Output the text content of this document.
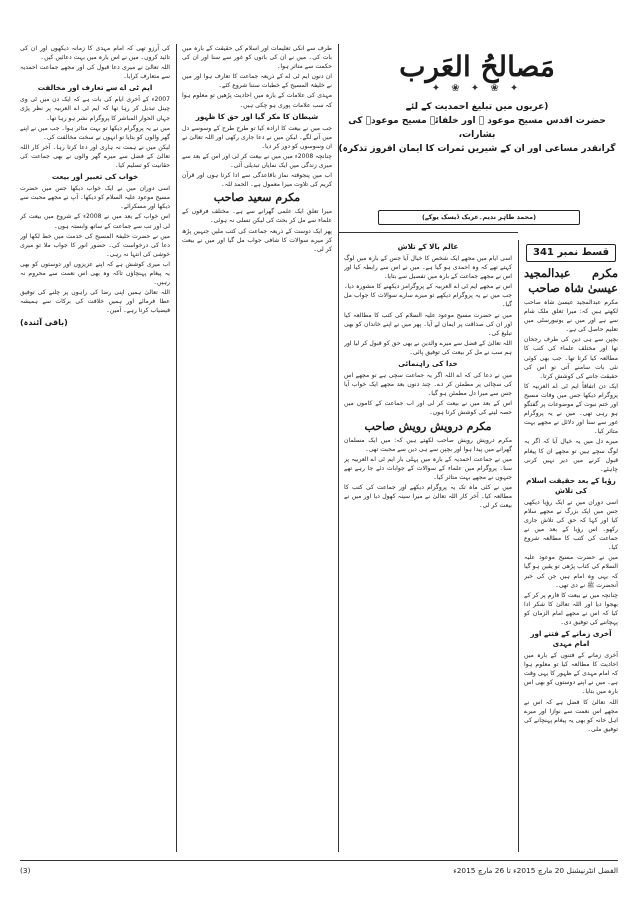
مَصالحُ العَرب
✦ ❀ ✦ ❀ ✦
(عربوں میں تبلیغ احمدیت کے لئے
حضرت اقدس مسیح موعود ؑ اور خلفائے مسیح موعودؑ کی بشارات،
گرانقدر مساعی اور ان کے شیریں ثمرات کا ایمان افروز تذکرہ)
(محمد طاہر ندیم۔عربک ڈیسک یوکے)
قسط نمبر 341
مکرم عبدالمجید عیسیٰ شاہ صاحب

مکرم عبدالمجید عیسیٰ شاہ صاحب لکھتے ہیں کہ: میرا تعلق ملک شام سے ہے اور میں نے یونیورسٹی میں تعلیم حاصل کی ہے۔

بچپن سے ہی دین کی طرف رجحان تھا اور مختلف علماء کی کتب کا مطالعہ کیا کرتا تھا۔ جب بھی کوئی نئی بات سامنے آتی تو اس کی حقیقت جاننے کی کوشش کرتا۔

ایک دن اتفاقاً ایم ٹی اے العربیہ کا پروگرام دیکھا جس میں وفات مسیح اور ختم نبوت کے موضوعات پر گفتگو ہو رہی تھی۔ میں نے یہ پروگرام غور سے سنا اور دلائل نے مجھے بہت متاثر کیا۔

میرے دل میں یہ خیال آیا کہ اگر یہ لوگ سچے ہیں تو مجھے ان کا پیغام قبول کرنے میں دیر نہیں کرنی چاہئے۔

رؤیا کے بعد حقیقت اسلام کی تلاش

اسی دوران میں نے ایک رؤیا دیکھی جس میں ایک بزرگ نے مجھے سلام کیا اور کہا کہ حق کی تلاش جاری رکھو۔ اس رؤیا کے بعد میں نے جماعت کی کتب کا مطالعہ شروع کیا۔

میں نے حضرت مسیح موعود علیہ السلام کی کتاب پڑھی تو یقین ہو گیا کہ یہی وہ امام ہیں جن کی خبر آنحضرت ﷺ نے دی تھی۔

چنانچہ میں نے بیعت کا فارم پر کر کے بھجوا دیا اور اللہ تعالیٰ کا شکر ادا کیا کہ اس نے مجھے امام الزمان کو پہچاننے کی توفیق دی۔

آخری زمانے کے فتنے اور امام مہدی

آخری زمانے کے فتنوں کے بارہ میں احادیث کا مطالعہ کیا تو معلوم ہوا کہ امام مہدی کے ظہور کا یہی وقت ہے۔ میں نے اپنے دوستوں کو بھی اس بارہ میں بتایا۔

اللہ تعالیٰ کا فضل ہے کہ اس نے مجھے اس نعمت سے نوازا اور میرے اہل خانہ کو بھی یہ پیغام پہنچانے کی توفیق ملی۔

عالم بالا کے تلاش

اسی ایام میں مجھے ایک شخص کا خیال آیا جس کے بارہ میں لوگ کہتے تھے کہ وہ احمدی ہو گیا ہے۔ میں نے اس سے رابطہ کیا اور اس نے مجھے جماعت کے بارہ میں تفصیل سے بتایا۔

اس نے مجھے ایم ٹی اے العربیہ کے پروگرامز دیکھنے کا مشورہ دیا۔ جب میں نے یہ پروگرام دیکھے تو میرے سارے سوالات کا جواب مل گیا۔

میں نے حضرت مسیح موعود علیہ السلام کی کتب کا مطالعہ کیا اور ان کی صداقت پر ایمان لے آیا۔ پھر میں نے اپنے خاندان کو بھی تبلیغ کی۔

اللہ تعالیٰ کے فضل سے میرے والدین نے بھی حق کو قبول کر لیا اور ہم سب نے مل کر بیعت کی توفیق پائی۔

خدا کی راہنمائی

میں نے دعا کی کہ اے اللہ اگر یہ جماعت سچی ہے تو مجھے اس کی سچائی پر مطمئن کر دے۔ چند دنوں بعد مجھے ایک خواب آیا جس سے میرا دل مطمئن ہو گیا۔

اس کے بعد میں نے بیعت کر لی اور اب جماعت کے کاموں میں حصہ لینے کی کوشش کرتا ہوں۔

مکرم درویش رویش صاحب

مکرم درویش رویش صاحب لکھتے ہیں کہ: میں ایک مسلمان گھرانے میں پیدا ہوا اور بچپن سے ہی دین سے محبت تھی۔

میں نے جماعت احمدیہ کے بارہ میں پہلی بار ایم ٹی اے العربیہ پر سنا۔ پروگرام میں علماء کے سوالات کے جوابات دئے جا رہے تھے جنہوں نے مجھے بہت متاثر کیا۔

میں نے کئی ماہ تک یہ پروگرام دیکھے اور جماعت کی کتب کا مطالعہ کیا۔ آخر کار اللہ تعالیٰ نے میرا سینہ کھول دیا اور میں نے بیعت کر لی۔

طرف سے انکی تعلیمات اور اسلام کی حقیقت کے بارہ میں بات کی۔ میں نے ان کی باتوں کو غور سے سنا اور ان کی حکمت سے متاثر ہوا۔

ان دنوں ایم ٹی اے کے ذریعہ جماعت کا تعارف ہوا اور میں نے خلیفۃ المسیح کے خطبات سننا شروع کئے۔

مہدی کی علامات کے بارہ میں احادیث پڑھیں تو معلوم ہوا کہ سب علامات پوری ہو چکی ہیں۔

شیطان کا مکر گیا اور حق کا ظہور

جب میں نے بیعت کا ارادہ کیا تو طرح طرح کے وسوسے دل میں آنے لگے۔ لیکن میں نے دعا جاری رکھی اور اللہ تعالیٰ نے ان وسوسوں کو دور کر دیا۔

چنانچہ 2008ء میں میں نے بیعت کر لی اور اس کے بعد سے میری زندگی میں ایک نمایاں تبدیلی آئی۔

اب میں پنجوقتہ نماز باقاعدگی سے ادا کرتا ہوں اور قرآن کریم کی تلاوت میرا معمول ہے۔ الحمد للہ۔

مکرم سعید صاحب

میرا تعلق ایک علمی گھرانے سے ہے۔ مختلف فرقوں کے علماء سے مل کر بحث کی لیکن تسلی نہ ہوئی۔

پھر ایک دوست کے ذریعہ جماعت کی کتب ملیں جنہیں پڑھ کر میرے سوالات کا شافی جواب مل گیا اور میں نے بیعت کر لی۔

کی آرزو تھی کہ امام مہدی کا زمانہ دیکھوں اور ان کی تائید کروں۔ میں نے اس بارہ میں بہت دعائیں کیں۔

اللہ تعالیٰ نے میری دعا قبول کی اور مجھے جماعت احمدیہ سے متعارف کرایا۔

ایم ٹی اے سے تعارف اور مخالفت

2007ء کے آخری ایام کی بات ہے کہ ایک دن میں ٹی وی چینل تبدیل کر رہا تھا کہ ایم ٹی اے العربیہ پر نظر پڑی جہاں الحوار المباشر کا پروگرام نشر ہو رہا تھا۔

میں نے یہ پروگرام دیکھا تو بہت متاثر ہوا۔ جب میں نے اپنے گھر والوں کو بتایا تو انہوں نے سخت مخالفت کی۔

لیکن میں نے ہمت نہ ہاری اور دعا کرتا رہا۔ آخر کار اللہ تعالیٰ کے فضل سے میرے گھر والوں نے بھی جماعت کی حقانیت کو تسلیم کیا۔

خواب کی تعبیر اور بیعت

اسی دوران میں نے ایک خواب دیکھا جس میں حضرت مسیح موعود علیہ السلام کو دیکھا۔ آپ نے مجھے محبت سے دیکھا اور مسکرائے۔

اس خواب کے بعد میں نے 2008ء کے شروع میں بیعت کر لی اور تب سے جماعت کے ساتھ وابستہ ہوں۔

میں نے حضرت خلیفۃ المسیح کی خدمت میں خط لکھا اور دعا کی درخواست کی۔ حضور انور کا جواب ملا تو میری خوشی کی انتہا نہ رہی۔

اب میری کوشش ہے کہ اپنے عزیزوں اور دوستوں کو بھی یہ پیغام پہنچاؤں تاکہ وہ بھی اس نعمت سے محروم نہ رہیں۔

اللہ تعالیٰ ہمیں اپنی رضا کی راہوں پر چلنے کی توفیق عطا فرمائے اور ہمیں خلافت کی برکات سے ہمیشہ فیضیاب کرتا رہے۔ آمین۔

(باقی آئندہ)
(3)	الفضل انٹرنیشنل 20 مارچ 2015ء تا 26 مارچ 2015ء
